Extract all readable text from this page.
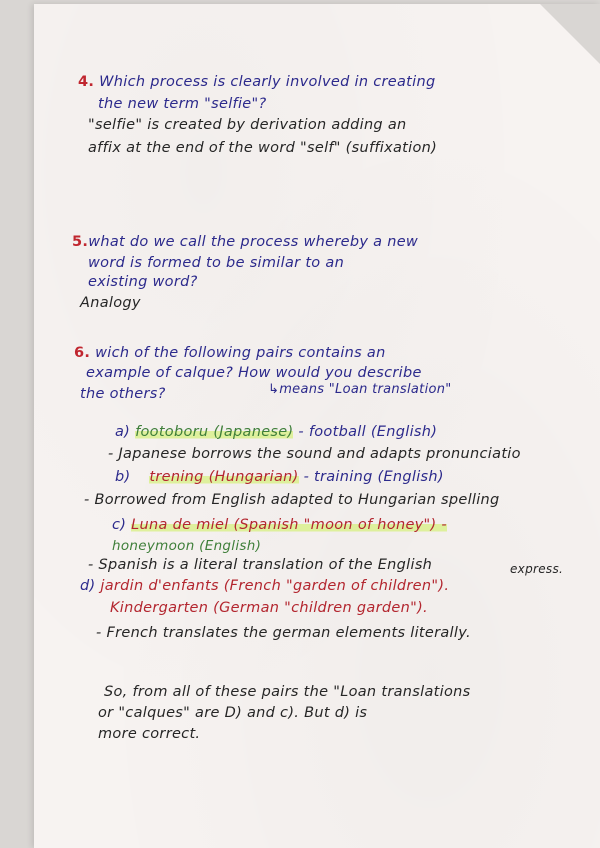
4. Which process is clearly involved in creating
the new term "selfie"?
"selfie" is created by derivation adding an
affix at the end of the word "self" (suffixation)
5.what do we call the process whereby a new
word is formed to be similar to an
existing word?
Analogy
6. wich of the following pairs contains an
example of calque? How would you describe
the others?	↳means "Loan translation"
a) footoboru (Japanese) - football (English)
- Japanese borrows the sound and adapts pronunciatio
b) trening (Hungarian) - training (English)
- Borrowed from English adapted to Hungarian spelling
c) Luna de miel (Spanish "moon of honey") -
honeymoon (English)
- Spanish is a literal translation of the English	express.
d) jardin d'enfants (French "garden of children").
Kindergarten (German "children garden").
- French translates the german elements literally.
So, from all of these pairs the "Loan translations
or "calques" are D) and c). But d) is
more correct.
